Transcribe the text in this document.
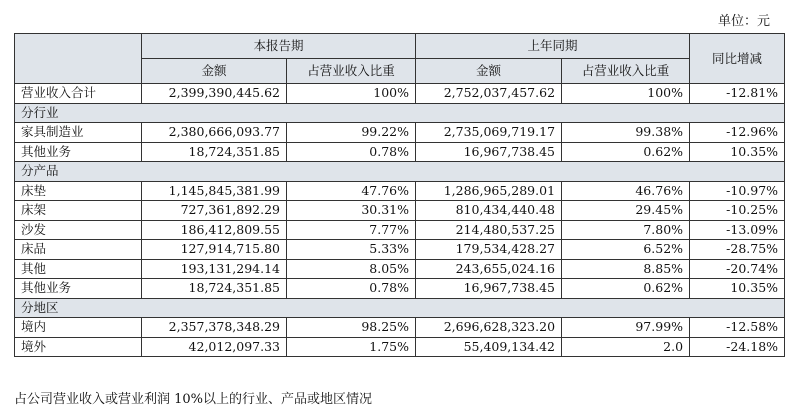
单位：元
	本报告期		上年同期		同比增减
	金额	占营业收入比重	金额	占营业收入比重	
营业收入合计	2,399,390,445.62	100%	2,752,037,457.62	100%	-12.81%
分行业					
家具制造业	2,380,666,093.77	99.22%	2,735,069,719.17	99.38%	-12.96%
其他业务	18,724,351.85	0.78%	16,967,738.45	0.62%	10.35%
分产品					
床垫	1,145,845,381.99	47.76%	1,286,965,289.01	46.76%	-10.97%
床架	727,361,892.29	30.31%	810,434,440.48	29.45%	-10.25%
沙发	186,412,809.55	7.77%	214,480,537.25	7.80%	-13.09%
床品	127,914,715.80	5.33%	179,534,428.27	6.52%	-28.75%
其他	193,131,294.14	8.05%	243,655,024.16	8.85%	-20.74%
其他业务	18,724,351.85	0.78%	16,967,738.45	0.62%	10.35%
分地区					
境内	2,357,378,348.29	98.25%	2,696,628,323.20	97.99%	-12.58%
境外	42,012,097.33	1.75%	55,409,134.42	2.0	-24.18%
占公司营业收入或营业利润 10%以上的行业、产品或地区情况
